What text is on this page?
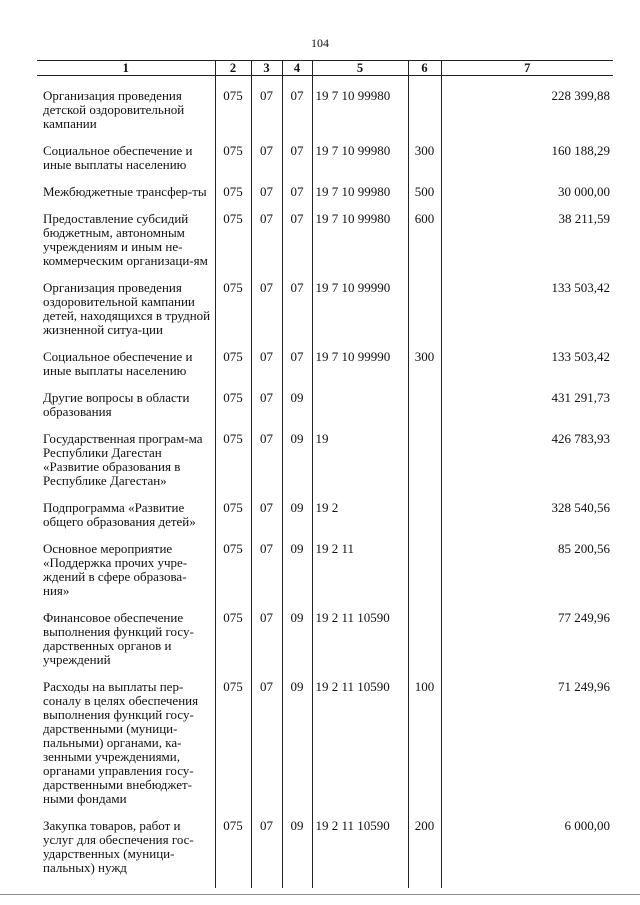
104
1	2	3	4	5	6	7

Организация проведения детской оздоровительной кампании	075	07	07	19 7 10 99980		228 399,88

Социальное обеспечение и иные выплаты населению	075	07	07	19 7 10 99980	300	160 188,29

Межбюджетные трансфер-ты	075	07	07	19 7 10 99980	500	30 000,00

Предоставление субсидий бюджетным, автономным учреждениям и иным не-коммерческим организаци-ям	075	07	07	19 7 10 99980	600	38 211,59

Организация проведения оздоровительной кампании детей, находящихся в трудной жизненной ситуа-ции	075	07	07	19 7 10 99990		133 503,42

Социальное обеспечение и иные выплаты населению	075	07	07	19 7 10 99990	300	133 503,42

Другие вопросы в области образования	075	07	09			431 291,73

Государственная програм-ма Республики Дагестан «Развитие образования в Республике Дагестан»	075	07	09	19		426 783,93

Подпрограмма «Развитие общего образования детей»	075	07	09	19 2		328 540,56

Основное мероприятие «Поддержка прочих учре-ждений в сфере образова-ния»	075	07	09	19 2 11		85 200,56

Финансовое обеспечение выполнения функций госу-дарственных органов и учреждений	075	07	09	19 2 11 10590		77 249,96

Расходы на выплаты пер-соналу в целях обеспечения выполнения функций госу-дарственными (муници-пальными) органами, ка-зенными учреждениями, органами управления госу-дарственными внебюджет-ными фондами	075	07	09	19 2 11 10590	100	71 249,96

Закупка товаров, работ и услуг для обеспечения гос-ударственных (муници-пальных) нужд	075	07	09	19 2 11 10590	200	6 000,00
